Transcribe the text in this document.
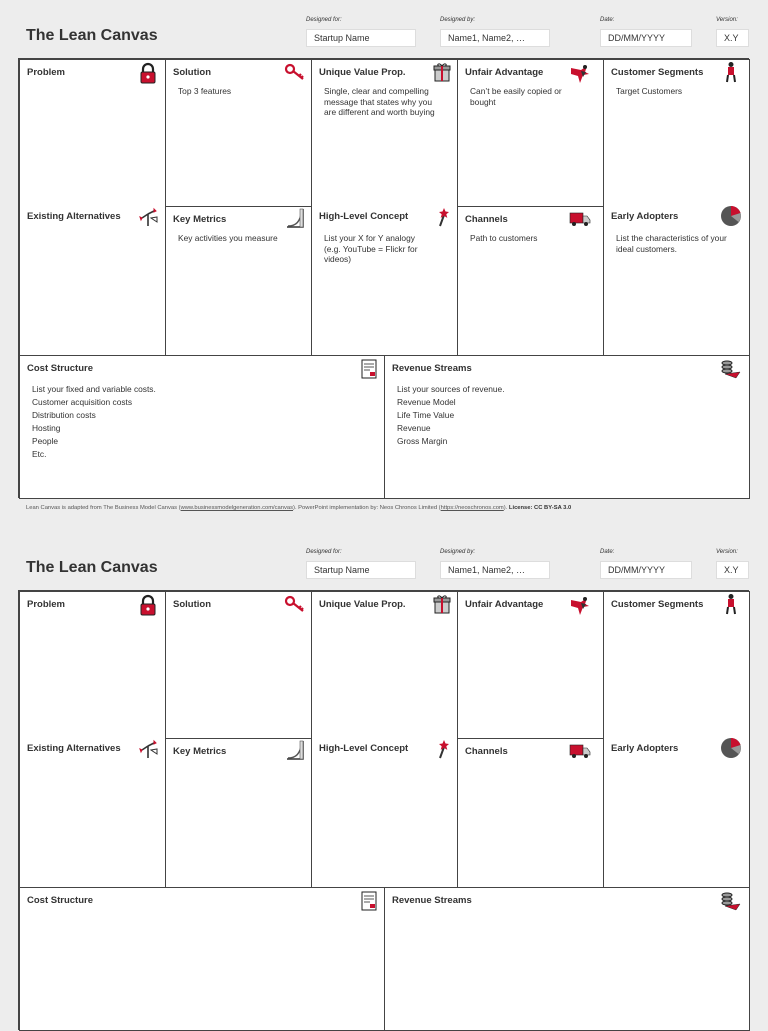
The Lean Canvas
Designed for:
Startup Name
Designed by:
Name1, Name2, …
Date:
DD/MM/YYYY
Version:
X.Y
Problem
Existing Alternatives
Solution
Top 3 features
Key Metrics
Key activities you measure
Unique Value Prop.
Single, clear and compelling
message that states why you
are different and worth buying
High-Level Concept
List your X for Y analogy
(e.g. YouTube = Flickr for
videos)
Unfair Advantage
Can’t be easily copied or
bought
Channels
Path to customers
Customer Segments
Target Customers
Early Adopters
List the characteristics of your
ideal customers.
Cost Structure
List your fixed and variable costs.
Customer acquisition costs
Distribution costs
Hosting
People
Etc.
Revenue Streams
List your sources of revenue.
Revenue Model
Life Time Value
Revenue
Gross Margin
Lean Canvas is adapted from The Business Model Canvas (www.businessmodelgeneration.com/canvas). PowerPoint implementation by: Neos Chronos Limited (https://neoschronos.com). License: CC BY-SA 3.0
The Lean Canvas
Designed for:
Startup Name
Designed by:
Name1, Name2, …
Date:
DD/MM/YYYY
Version:
X.Y
Problem
Existing Alternatives
Solution
Key Metrics
Unique Value Prop.
High-Level Concept
Unfair Advantage
Channels
Customer Segments
Early Adopters
Cost Structure	Revenue Streams
